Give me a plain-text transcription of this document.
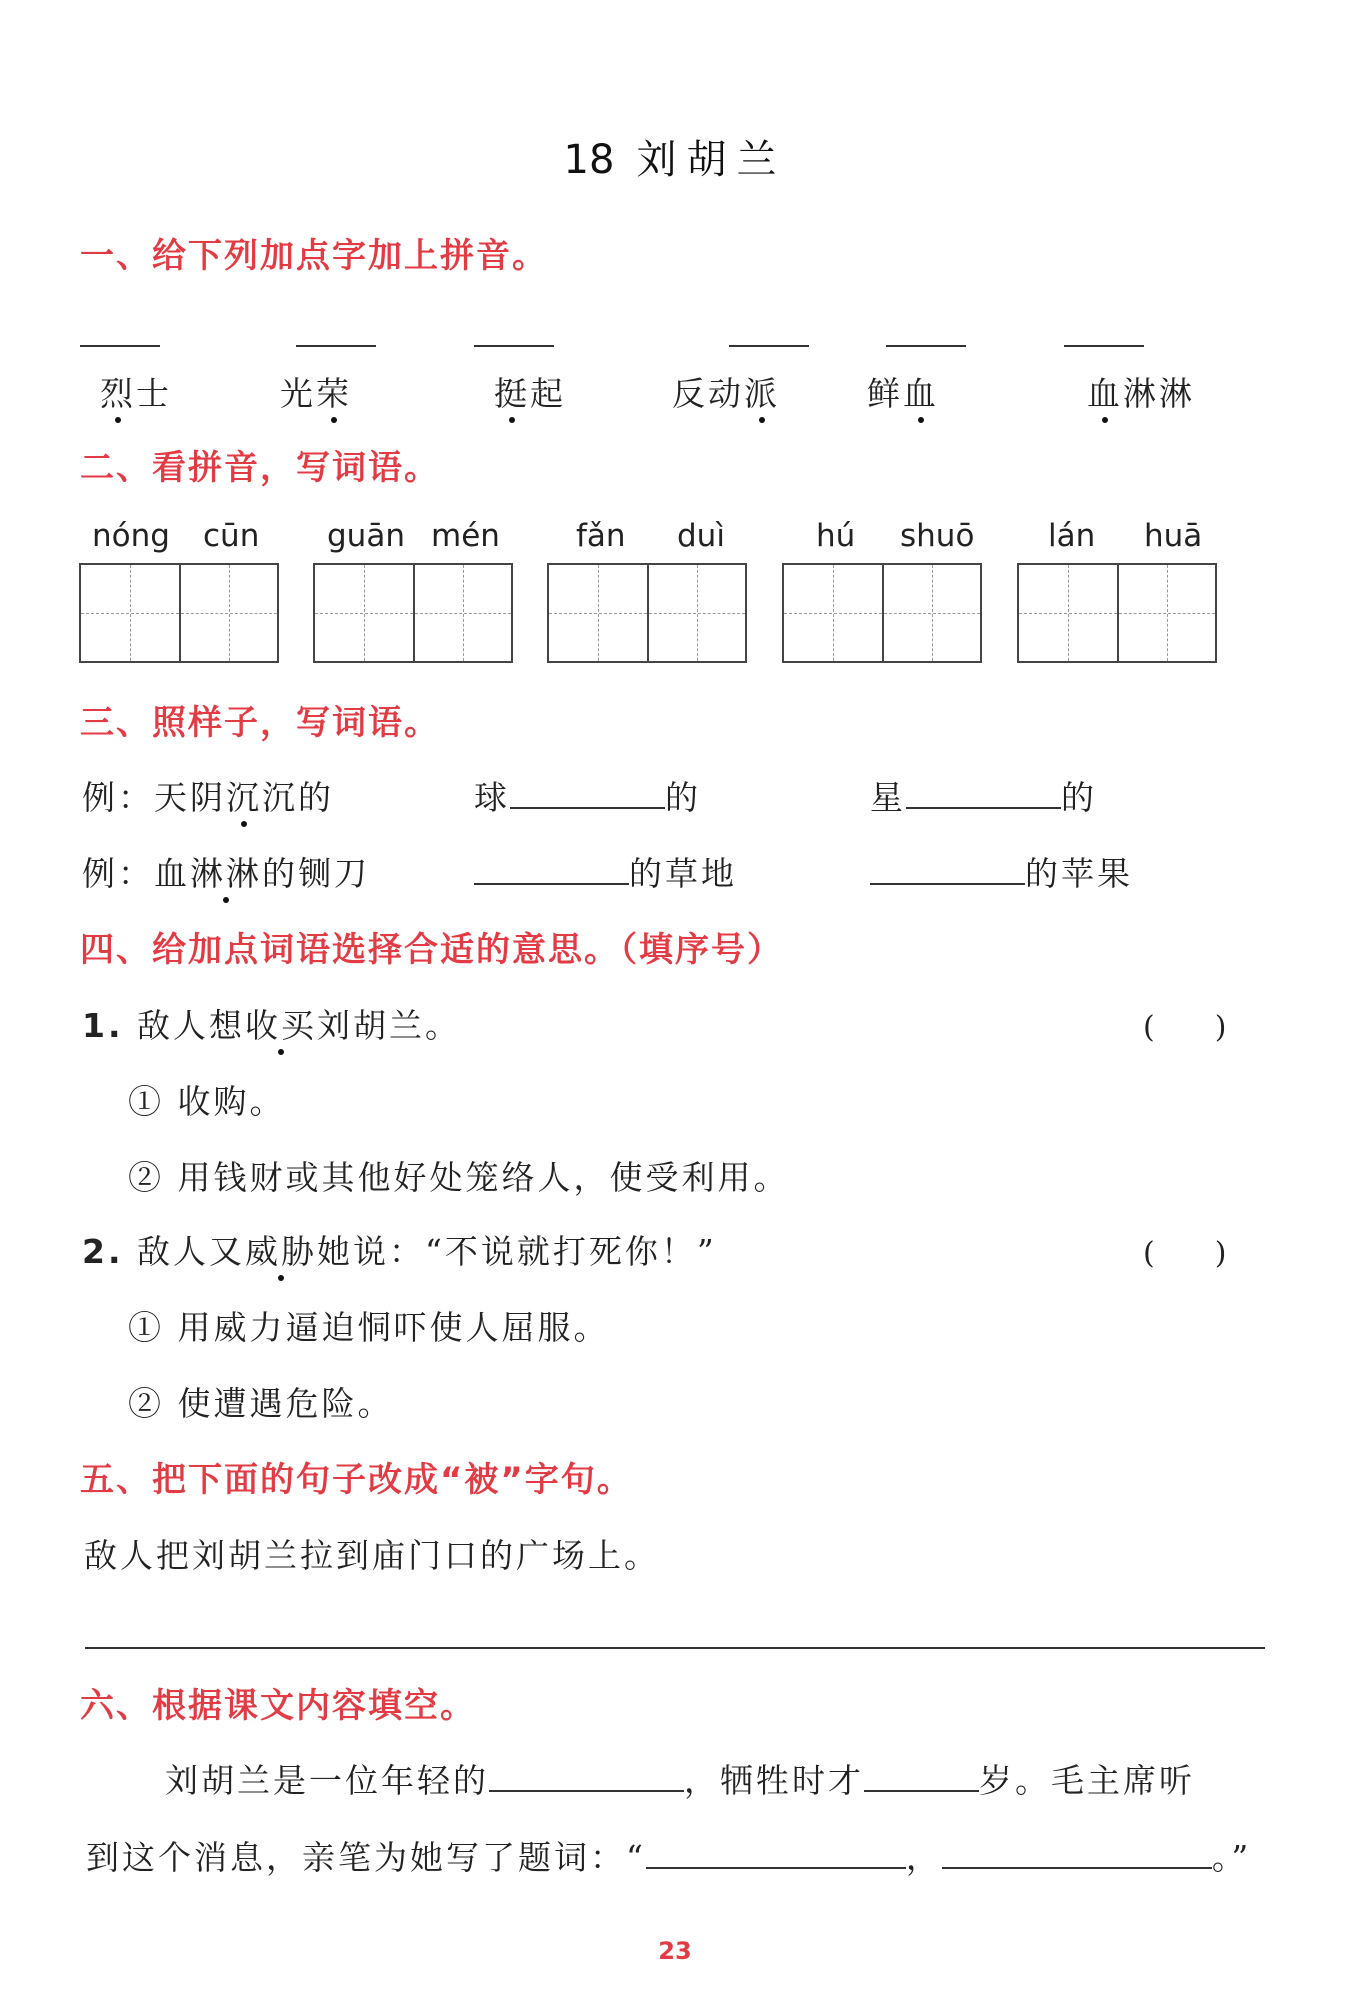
18 刘胡兰
一、给下列加点字加上拼音。
烈士	光荣	挺起	反动派	鲜血	血淋淋
二、看拼音，写词语。
nóng cūn guān mén fǎn duì	hú shuō lán huā
三、照样子，写词语。
例：天阴沉沉的	球	的	星	的
例：血淋淋的铡刀	的草地	的苹果
四、给加点词语选择合适的意思。（填序号）
1. 敌人想收买刘胡兰。	(　　)
① 收购。
② 用钱财或其他好处笼络人，使受利用。
2. 敌人又威胁她说：“不说就打死你！”	(　　)
① 用威力逼迫恫吓使人屈服。
② 使遭遇危险。
五、把下面的句子改成“被”字句。
敌人把刘胡兰拉到庙门口的广场上。
六、根据课文内容填空。
刘胡兰是一位年轻的	，牺牲时才	岁。毛主席听
到这个消息，亲笔为她写了题词：“	，	。”
23
